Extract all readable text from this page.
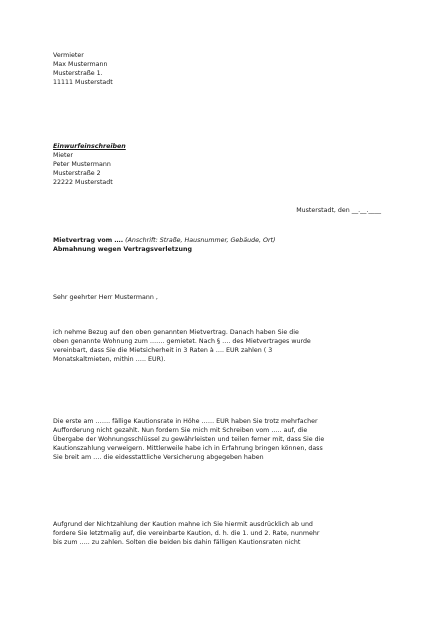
Vermieter
Max Mustermann
Musterstraße 1.
11111 Musterstadt
Einwurfeinschreiben
Mieter
Peter Mustermann
Musterstraße 2
22222 Musterstadt
Musterstadt, den __.__.____
Mietvertrag vom …. (Anschrift: Straße, Hausnummer, Gebäude, Ort)
Abmahnung wegen Vertragsverletzung
Sehr geehrter Herr Mustermann ,
ich nehme Bezug auf den oben genannten Mietvertrag. Danach haben Sie die
oben genannte Wohnung zum ……. gemietet. Nach § …. des Mietvertrages wurde
vereinbart, dass Sie die Mietsicherheit in 3 Raten à …. EUR zahlen ( 3
Monatskaltmieten, mithin ….. EUR).
Die erste am ……. fällige Kautionsrate in Höhe …… EUR haben Sie trotz mehrfacher
Aufforderung nicht gezahlt. Nun fordern Sie mich mit Schreiben vom ….. auf, die
Übergabe der Wohnungsschlüssel zu gewährleisten und teilen ferner mit, dass Sie die
Kautionszahlung verweigern. Mittlerweile habe ich in Erfahrung bringen können, dass
Sie breit am …. die eidesstattliche Versicherung abgegeben haben
Aufgrund der Nichtzahlung der Kaution mahne ich Sie hiermit ausdrücklich ab und
fordere Sie letztmalig auf, die vereinbarte Kaution, d. h. die 1. und 2. Rate, nunmehr
bis zum ….. zu zahlen. Solten die beiden bis dahin fälligen Kautionsraten nicht
